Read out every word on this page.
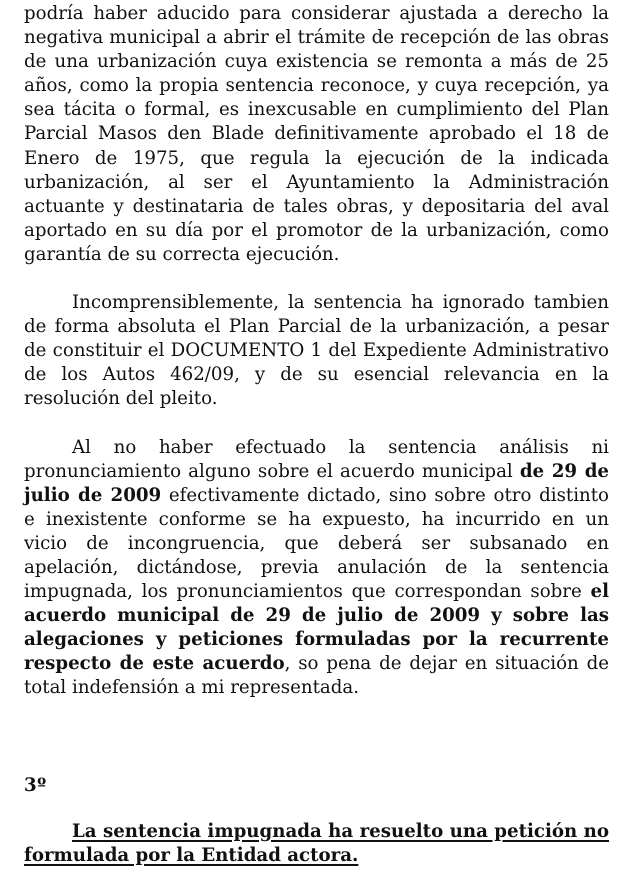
podría haber aducido para considerar ajustada a derecho la negativa municipal a abrir el trámite de recepción de las obras de una urbanización cuya existencia se remonta a más de 25 años, como la propia sentencia reconoce, y cuya recepción, ya sea tácita o formal, es inexcusable en cumplimiento del Plan Parcial Masos den Blade definitivamente aprobado el 18 de Enero de 1975, que regula la ejecución de la indicada urbanización, al ser el Ayuntamiento la Administración actuante y destinataria de tales obras, y depositaria del aval aportado en su día por el promotor de la urbanización, como garantía de su correcta ejecución.

Incomprensiblemente, la sentencia ha ignorado tambien de forma absoluta el Plan Parcial de la urbanización, a pesar de constituir el DOCUMENTO 1 del Expediente Administrativo de los Autos 462/09, y de su esencial relevancia en la resolución del pleito.

Al no haber efectuado la sentencia análisis ni pronunciamiento alguno sobre el acuerdo municipal de 29 de julio de 2009 efectivamente dictado, sino sobre otro distinto e inexistente conforme se ha expuesto, ha incurrido en un vicio de incongruencia, que deberá ser subsanado en apelación, dictándose, previa anulación de la sentencia impugnada, los pronunciamientos que correspondan sobre el acuerdo municipal de 29 de julio de 2009 y sobre las alegaciones y peticiones formuladas por la recurrente respecto de este acuerdo, so pena de dejar en situación de total indefensión a mi representada.

3º

La sentencia impugnada ha resuelto una petición no formulada por la Entidad actora.
